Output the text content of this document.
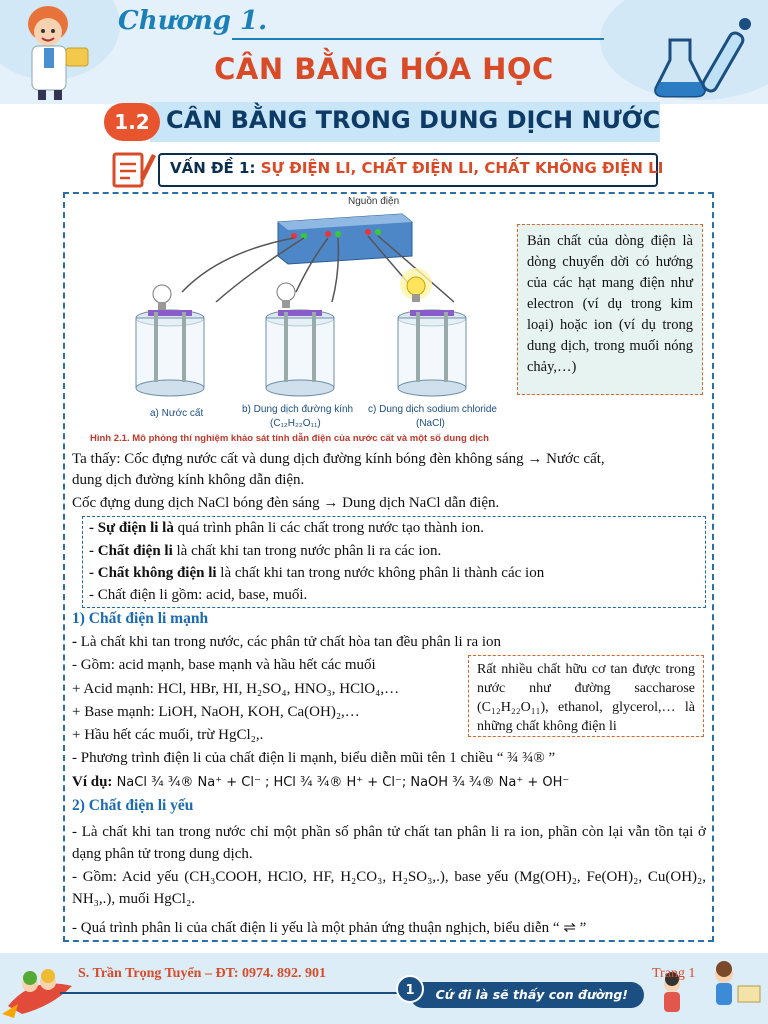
Chương 1.
CÂN BẰNG HÓA HỌC
CÂN BẰNG TRONG DUNG DỊCH NƯỚC
1.2
VẤN ĐỀ 1: SỰ ĐIỆN LI, CHẤT ĐIỆN LI, CHẤT KHÔNG ĐIỆN LI
Nguồn điện
a) Nước cất	b) Dung dịch đường kính
(C₁₂H₂₂O₁₁)
c) Dung dịch sodium chloride
(NaCl)
Hình 2.1. Mô phỏng thí nghiệm khảo sát tính dẫn điện của nước cất và một số dung dịch
Bản chất của dòng điện là dòng chuyển dời có hướng của các hạt mang điện như electron (ví dụ trong kim loại) hoặc ion (ví dụ trong dung dịch, trong muối nóng chảy,…)
Ta thấy: Cốc đựng nước cất và dung dịch đường kính bóng đèn không sáng → Nước cất,
dung dịch đường kính không dẫn điện.
Cốc đựng dung dịch NaCl bóng đèn sáng → Dung dịch NaCl dẫn điện.
- Sự điện li là quá trình phân li các chất trong nước tạo thành ion.
- Chất điện li là chất khi tan trong nước phân li ra các ion.
- Chất không điện li là chất khi tan trong nước không phân li thành các ion
- Chất điện li gồm: acid, base, muối.
1) Chất điện li mạnh
- Là chất khi tan trong nước, các phân tử chất hòa tan đều phân li ra ion
- Gồm: acid mạnh, base mạnh và hầu hết các muối
+ Acid mạnh: HCl, HBr, HI, H₂SO₄, HNO₃, HClO₄,…
+ Base mạnh: LiOH, NaOH, KOH, Ca(OH)₂,…
+ Hầu hết các muối, trừ HgCl₂,.
- Phương trình điện li của chất điện li mạnh, biểu diễn mũi tên 1 chiều “ ¾ ¾® ”
Ví dụ: NaCl ¾ ¾® Na⁺ + Cl⁻ ; HCl ¾ ¾® H⁺ + Cl⁻; NaOH ¾ ¾® Na⁺ + OH⁻
Rất nhiều chất hữu cơ tan được trong nước như đường saccharose (C₁₂H₂₂O₁₁), ethanol, glycerol,… là những chất không điện li
2) Chất điện li yếu
- Là chất khi tan trong nước chỉ một phần số phân tử chất tan phân li ra ion, phần còn lại vẫn tồn tại ở dạng phân tử trong dung dịch.
- Gồm: Acid yếu (CH₃COOH, HClO, HF, H₂CO₃, H₂SO₃,.), base yếu (Mg(OH)₂, Fe(OH)₂, Cu(OH)₂, NH₃,.), muối HgCl₂.
- Quá trình phân li của chất điện li yếu là một phản ứng thuận nghịch, biểu diễn “ ⇌ ”
S. Trần Trọng Tuyển – ĐT: 0974. 892. 901	Trang 1
Cứ đi là sẽ thấy con đường!
1
